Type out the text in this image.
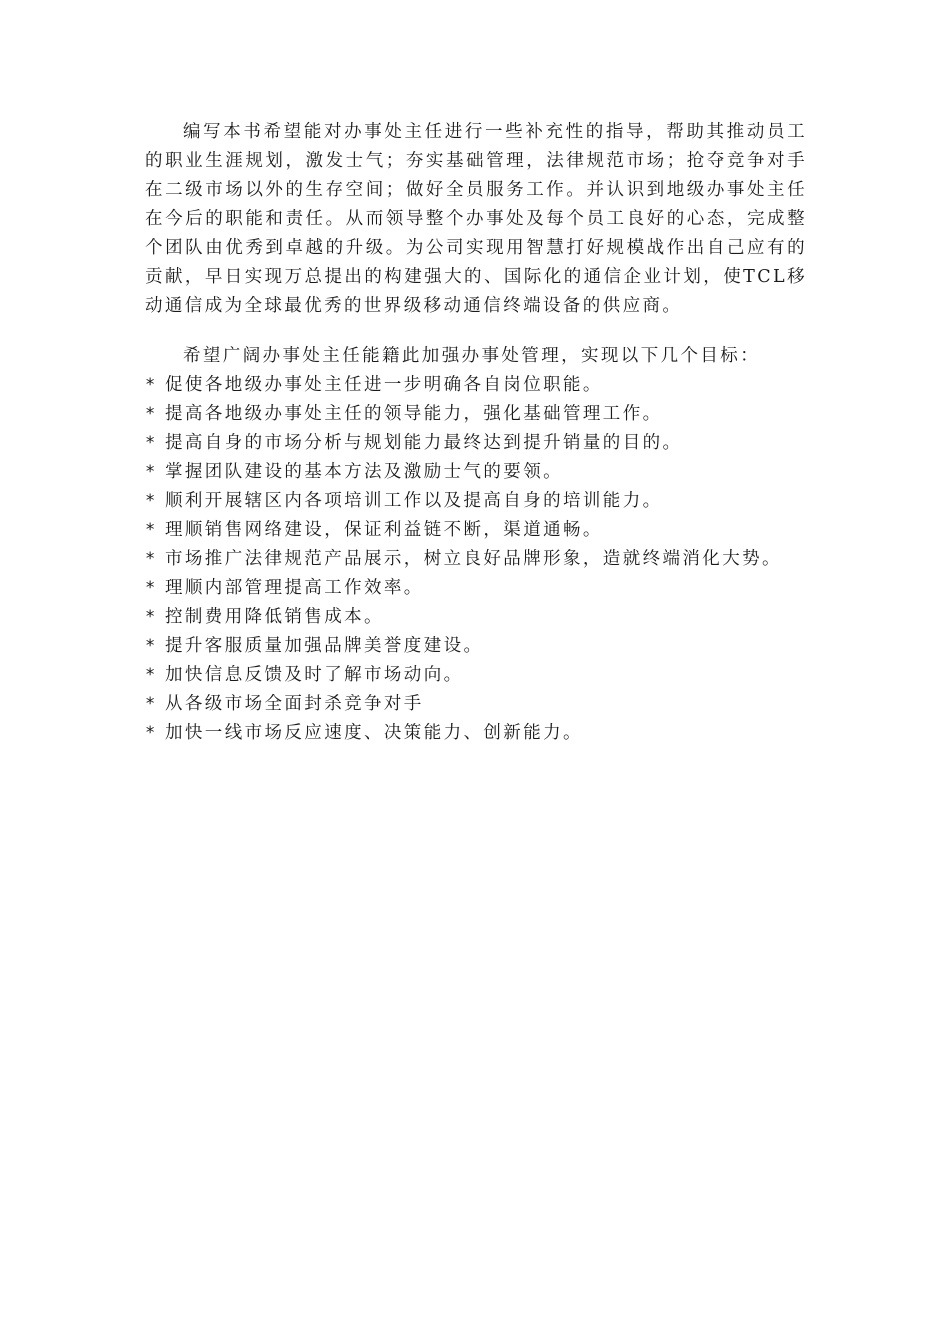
编写本书希望能对办事处主任进行一些补充性的指导，帮助其推动员工的职业生涯规划，激发士气；夯实基础管理，法律规范市场；抢夺竞争对手在二级市场以外的生存空间；做好全员服务工作。并认识到地级办事处主任在今后的职能和责任。从而领导整个办事处及每个员工良好的心态，完成整个团队由优秀到卓越的升级。为公司实现用智慧打好规模战作出自己应有的贡献，早日实现万总提出的构建强大的、国际化的通信企业计划，使TCL移动通信成为全球最优秀的世界级移动通信终端设备的供应商。

希望广阔办事处主任能籍此加强办事处管理，实现以下几个目标：

* 促使各地级办事处主任进一步明确各自岗位职能。
* 提高各地级办事处主任的领导能力，强化基础管理工作。
* 提高自身的市场分析与规划能力最终达到提升销量的目的。
* 掌握团队建设的基本方法及激励士气的要领。
* 顺利开展辖区内各项培训工作以及提高自身的培训能力。
* 理顺销售网络建设，保证利益链不断，渠道通畅。
* 市场推广法律规范产品展示，树立良好品牌形象，造就终端消化大势。
* 理顺内部管理提高工作效率。
* 控制费用降低销售成本。
* 提升客服质量加强品牌美誉度建设。
* 加快信息反馈及时了解市场动向。
* 从各级市场全面封杀竞争对手
* 加快一线市场反应速度、决策能力、创新能力。
